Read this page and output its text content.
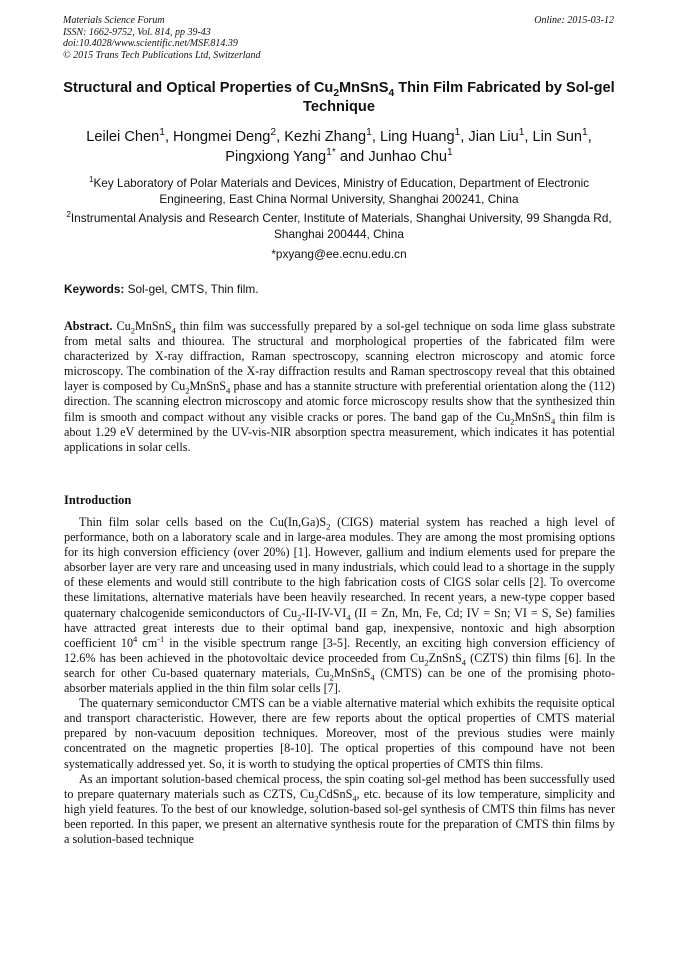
Materials Science Forum
ISSN: 1662-9752, Vol. 814, pp 39-43
doi:10.4028/www.scientific.net/MSF.814.39
© 2015 Trans Tech Publications Ltd, Switzerland
Online: 2015-03-12
Structural and Optical Properties of $Cu_2MnSnS_4$ Thin Film Fabricated by Sol-gel Technique
Leilei Chen$^1$, Hongmei Deng$^2$, Kezhi Zhang$^1$, Ling Huang$^1$, Jian Liu$^1$, Lin Sun$^1$,
Pingxiong Yang$^{1*}$ and Junhao Chu$^1$
$^1$Key Laboratory of Polar Materials and Devices, Ministry of Education, Department of Electronic Engineering, East China Normal University, Shanghai 200241, China
$^2$Instrumental Analysis and Research Center, Institute of Materials, Shanghai University, 99 Shangda Rd, Shanghai 200444, China
*pxyang@ee.ecnu.edu.cn
Keywords: Sol-gel, CMTS, Thin film.
Abstract. $Cu_2MnSnS_4$ thin film was successfully prepared by a sol-gel technique on soda lime glass substrate from metal salts and thiourea. The structural and morphological properties of the fabricated film were characterized by X-ray diffraction, Raman spectroscopy, scanning electron microscopy and atomic force microscopy. The combination of the X-ray diffraction results and Raman spectroscopy reveal that this obtained layer is composed by $Cu_2MnSnS_4$ phase and has a stannite structure with preferential orientation along the (112) direction. The scanning electron microscopy and atomic force microscopy results show that the synthesized thin film is smooth and compact without any visible cracks or pores. The band gap of the $Cu_2MnSnS_4$ thin film is about 1.29 eV determined by the UV-vis-NIR absorption spectra measurement, which indicates it has potential applications in solar cells.
Introduction

Thin film solar cells based on the $Cu(In,Ga)S_2$ (CIGS) material system has reached a high level of performance, both on a laboratory scale and in large-area modules. They are among the most promising options for its high conversion efficiency (over 20%) [1]. However, gallium and indium elements used for prepare the absorber layer are very rare and unceasing used in many industrials, which could lead to a shortage in the supply of these elements and would still contribute to the high fabrication costs of CIGS solar cells [2]. To overcome these limitations, alternative materials have been heavily researched. In recent years, a new-type copper based quaternary chalcogenide semiconductors of $Cu_2-II-IV-VI_4$ (II = Zn, Mn, Fe, Cd; IV = Sn; VI = S, Se) families have attracted great interests due to their optimal band gap, inexpensive, nontoxic and high absorption coefficient $10^4$ $cm^{-1}$ in the visible spectrum range [3-5]. Recently, an exciting high conversion efficiency of 12.6% has been achieved in the photovoltaic device proceeded from $Cu_2ZnSnS_4$ (CZTS) thin films [6]. In the search for other Cu-based quaternary materials, $Cu_2MnSnS_4$ (CMTS) can be one of the promising photo-absorber materials applied in the thin film solar cells [7].

The quaternary semiconductor CMTS can be a viable alternative material which exhibits the requisite optical and transport characteristic. However, there are few reports about the optical properties of CMTS material prepared by non-vacuum deposition techniques. Moreover, most of the previous studies were mainly concentrated on the magnetic properties [8-10]. The optical properties of this compound have not been systematically addressed yet. So, it is worth to studying the optical properties of CMTS thin films.

As an important solution-based chemical process, the spin coating sol-gel method has been successfully used to prepare quaternary materials such as CZTS, $Cu_2CdSnS_4$, etc. because of its low temperature, simplicity and high yield features. To the best of our knowledge, solution-based sol-gel synthesis of CMTS thin films has never been reported. In this paper, we present an alternative synthesis route for the preparation of CMTS thin films by a solution-based technique
